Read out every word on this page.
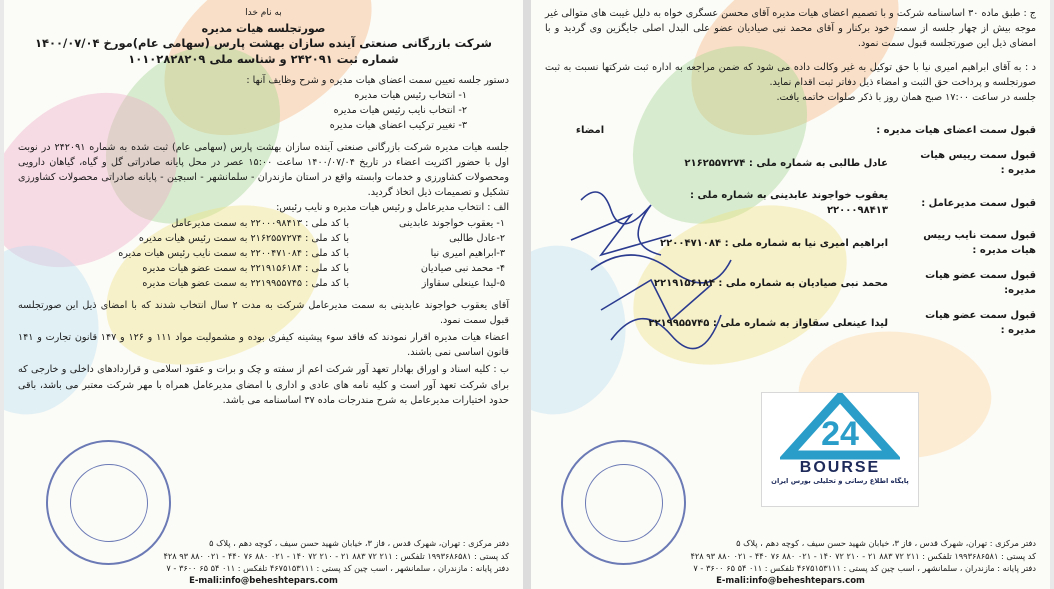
به نام خدا

صورتجلسه هیات مدیره

شرکت بازرگانی صنعتی آینده سازان بهشت پارس (سهامی عام)مورخ ۱۴۰۰/۰۷/۰۴

شماره ثبت ۲۴۲۰۹۱ و شناسه ملی ۱۰۱۰۲۸۲۸۲۰۹

دستور جلسه تعیین سمت اعضای هیات مدیره و شرح وظایف آنها :
۱- انتخاب رئیس هیات مدیره
۲- انتخاب نایب رئیس هیات مدیره
۳- تغییر ترکیب اعضای هیات مدیره
جلسه هیات مدیره شرکت بازرگانی صنعتی آینده سازان بهشت پارس (سهامی عام) ثبت شده به شماره ۲۴۲۰۹۱ در نوبت اول با حضور اکثریت اعضاء در تاریخ ۱۴۰۰/۰۷/۰۴ ساعت ۱۵:۰۰ عصر در محل پایانه صادراتی گل و گیاه، گیاهان دارویی ومحصولات کشاورزی و خدمات وابسته واقع در استان مازندران - سلمانشهر - اسبچین - پایانه صادراتی محصولات کشاورزی تشکیل و تصمیمات ذیل اتخاذ گردید.
الف : انتخاب مدیرعامل و رئیس هیات مدیره و نایب رئیس:
۱- یعقوب خواجوند عابدینی
با کد ملی : ۲۲۰۰۰۹۸۴۱۳ به سمت مدیرعامل
۲-عادل طالبی
با کد ملی : ۲۱۶۲۵۵۷۲۷۴ به سمت رئیس هیات مدیره
۳-ابراهیم امیری نیا
با کد ملی : ۲۲۰۰۴۷۱۰۸۴ به سمت نایب رئیس هیات مدیره
۴- محمد نبی صیادیان
با کد ملی : ۲۲۱۹۱۵۶۱۸۴ به سمت عضو هیات مدیره
۵-لیدا عینعلی سقاواز
با کد ملی : ۲۲۱۹۹۵۵۷۴۵ به سمت عضو هیات مدیره
آقای یعقوب خواجوند عابدینی به سمت مدیرعامل شرکت به مدت ۲ سال انتخاب شدند که با امضای ذیل این صورتجلسه قبول سمت نمود.
اعضاء هیات مدیره اقرار نمودند که فاقد سوء پیشینه کیفری بوده و مشمولیت مواد ۱۱۱ و ۱۲۶ و ۱۴۷ قانون تجارت و ۱۴۱ قانون اساسی نمی باشند.
ب : کلیه اسناد و اوراق بهادار تعهد آور شرکت اعم از سفته و چک و برات و عقود اسلامی و قراردادهای داخلی و خارجی که برای شرکت تعهد آور است و کلیه نامه های عادی و اداری با امضای مدیرعامل همراه با مهر شرکت معتبر می باشد، باقی حدود اختیارات مدیرعامل به شرح مندرجات ماده ۳۷ اساسنامه می باشد.
دفتر مرکزی : تهران، شهرک قدس ، فاز ۳، خیابان شهید حسن سیف ، کوچه دهم ، پلاک ۵
کد پستی : ۱۹۹۳۶۸۶۵۸۱ تلفکس : ۲۱۱ ۷۲ ۸۸۳ ۲۱ - ۲۱۰ ۷۲ ۱۴۰ - ۰۲۱ ۸۸۰ ۷۶ ۴۴۰ - ۰۲۱ ۸۸۰ ۹۳ ۴۲۸
دفتر پایانه : مازندران ، سلمانشهر ، اسب چین کد پستی : ۴۶۷۵۱۵۳۱۱۱ تلفکس : ۰۱۱ ۵۴ ۶۵ ۳۶۰۰ - ۷
E-mali:info@beheshtepars.com
ج : طبق ماده ۳۰ اساسنامه شرکت و با تصمیم اعضای هیات مدیره آقای محسن عسگری خواه به دلیل غیبت های متوالی غیر موجه بیش از چهار جلسه از سمت خود برکنار و آقای محمد نبی صیادیان عضو علی البدل اصلی جایگزین وی گردید و با امضای ذیل این صورتجلسه قبول سمت نمود.
د : به آقای ابراهیم امیری نیا با حق توکیل به غیر وکالت داده می شود که ضمن مراجعه به اداره ثبت شرکتها نسبت به ثبت صورتجلسه و پرداخت حق الثبت و امضاء ذیل دفاتر ثبت اقدام نماید.
جلسه در ساعت ۱۷:۰۰ صبح همان روز با ذکر صلوات خاتمه یافت.
قبول سمت اعضای هیات مدیره :
امضاء
قبول سمت رییس هیات مدیره :
عادل طالبی به شماره ملی : ۲۱۶۲۵۵۷۲۷۴
قبول سمت مدیرعامل :
یعقوب خواجوند عابدینی به شماره ملی : ۲۲۰۰۰۹۸۴۱۳
قبول سمت نایب رییس هیات مدیره :
ابراهیم امیری نیا به شماره ملی : ۲۲۰۰۴۷۱۰۸۴
قبول سمت عضو هیات مدیره:
محمد نبی صیادیان به شماره ملی : ۲۲۱۹۱۵۶۱۸۴
قبول سمت عضو هیات مدیره :
لیدا عینعلی سقاواز به شماره ملی : ۲۲۱۹۹۵۵۷۴۵
24
BOURSE
پایگاه اطلاع رسانی و تحلیلی بورس ایران
دفتر مرکزی : تهران، شهرک قدس ، فاز ۳، خیابان شهید حسن سیف ، کوچه دهم ، پلاک ۵
کد پستی : ۱۹۹۳۶۸۶۵۸۱ تلفکس : ۲۱۱ ۷۲ ۸۸۳ ۲۱ - ۲۱۰ ۷۲ ۱۴۰ - ۰۲۱ ۸۸۰ ۷۶ ۴۴۰ - ۰۲۱ ۸۸۰ ۹۳ ۴۲۸
دفتر پایانه : مازندران ، سلمانشهر ، اسب چین کد پستی : ۴۶۷۵۱۵۳۱۱۱ تلفکس : ۰۱۱ ۵۴ ۶۵ ۳۶۰۰ - ۷
E-mali:info@beheshtepars.com
